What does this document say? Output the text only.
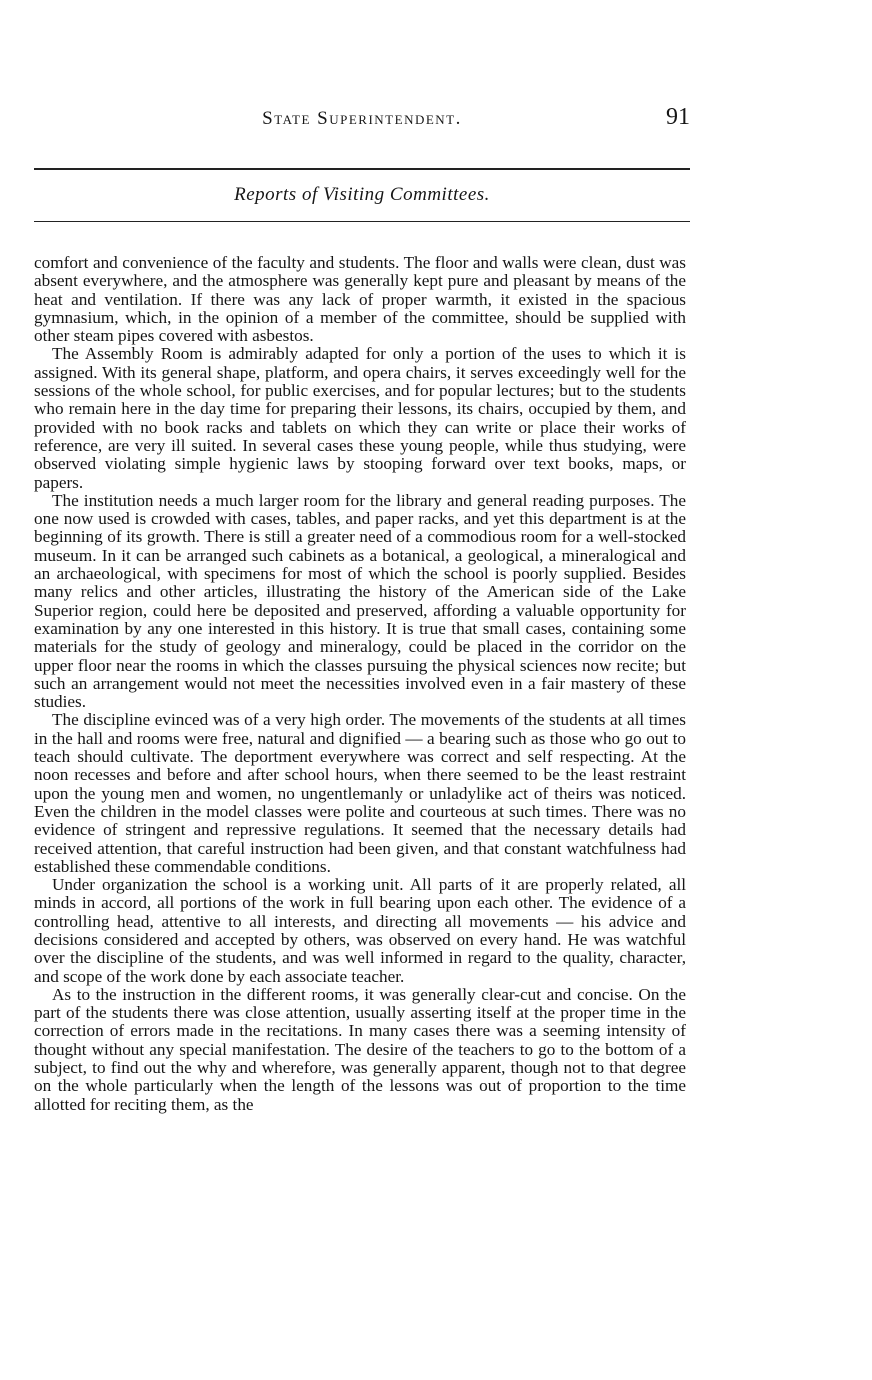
State Superintendent.	91
Reports of Visiting Committees.

comfort and convenience of the faculty and students. The floor and walls were clean, dust was absent everywhere, and the atmosphere was generally kept pure and pleasant by means of the heat and ventilation. If there was any lack of proper warmth, it existed in the spacious gymnasium, which, in the opinion of a member of the committee, should be supplied with other steam pipes covered with asbestos.

The Assembly Room is admirably adapted for only a portion of the uses to which it is assigned. With its general shape, platform, and opera chairs, it serves exceedingly well for the sessions of the whole school, for public exercises, and for popular lectures; but to the students who remain here in the day time for preparing their lessons, its chairs, occupied by them, and provided with no book racks and tablets on which they can write or place their works of reference, are very ill suited. In several cases these young people, while thus studying, were observed violating simple hygienic laws by stooping forward over text books, maps, or papers.

The institution needs a much larger room for the library and general reading purposes. The one now used is crowded with cases, tables, and paper racks, and yet this department is at the beginning of its growth. There is still a greater need of a commodious room for a well-stocked museum. In it can be arranged such cabinets as a botanical, a geological, a mineralogical and an archaeological, with specimens for most of which the school is poorly supplied. Besides many relics and other articles, illustrating the history of the American side of the Lake Superior region, could here be deposited and preserved, affording a valuable opportunity for examination by any one interested in this history. It is true that small cases, containing some materials for the study of geology and mineralogy, could be placed in the corridor on the upper floor near the rooms in which the classes pursuing the physical sciences now recite; but such an arrangement would not meet the necessities involved even in a fair mastery of these studies.

The discipline evinced was of a very high order. The movements of the students at all times in the hall and rooms were free, natural and dignified — a bearing such as those who go out to teach should cultivate. The deportment everywhere was correct and self respecting. At the noon recesses and before and after school hours, when there seemed to be the least restraint upon the young men and women, no ungentlemanly or unladylike act of theirs was noticed. Even the children in the model classes were polite and courteous at such times. There was no evidence of stringent and repressive regulations. It seemed that the necessary details had received attention, that careful instruction had been given, and that constant watchfulness had established these commendable conditions.

Under organization the school is a working unit. All parts of it are properly related, all minds in accord, all portions of the work in full bearing upon each other. The evidence of a controlling head, attentive to all interests, and directing all movements — his advice and decisions considered and accepted by others, was observed on every hand. He was watchful over the discipline of the students, and was well informed in regard to the quality, character, and scope of the work done by each associate teacher.

As to the instruction in the different rooms, it was generally clear-cut and concise. On the part of the students there was close attention, usually asserting itself at the proper time in the correction of errors made in the recitations. In many cases there was a seeming intensity of thought without any special manifestation. The desire of the teachers to go to the bottom of a subject, to find out the why and wherefore, was generally apparent, though not to that degree on the whole particularly when the length of the lessons was out of proportion to the time allotted for reciting them, as the
